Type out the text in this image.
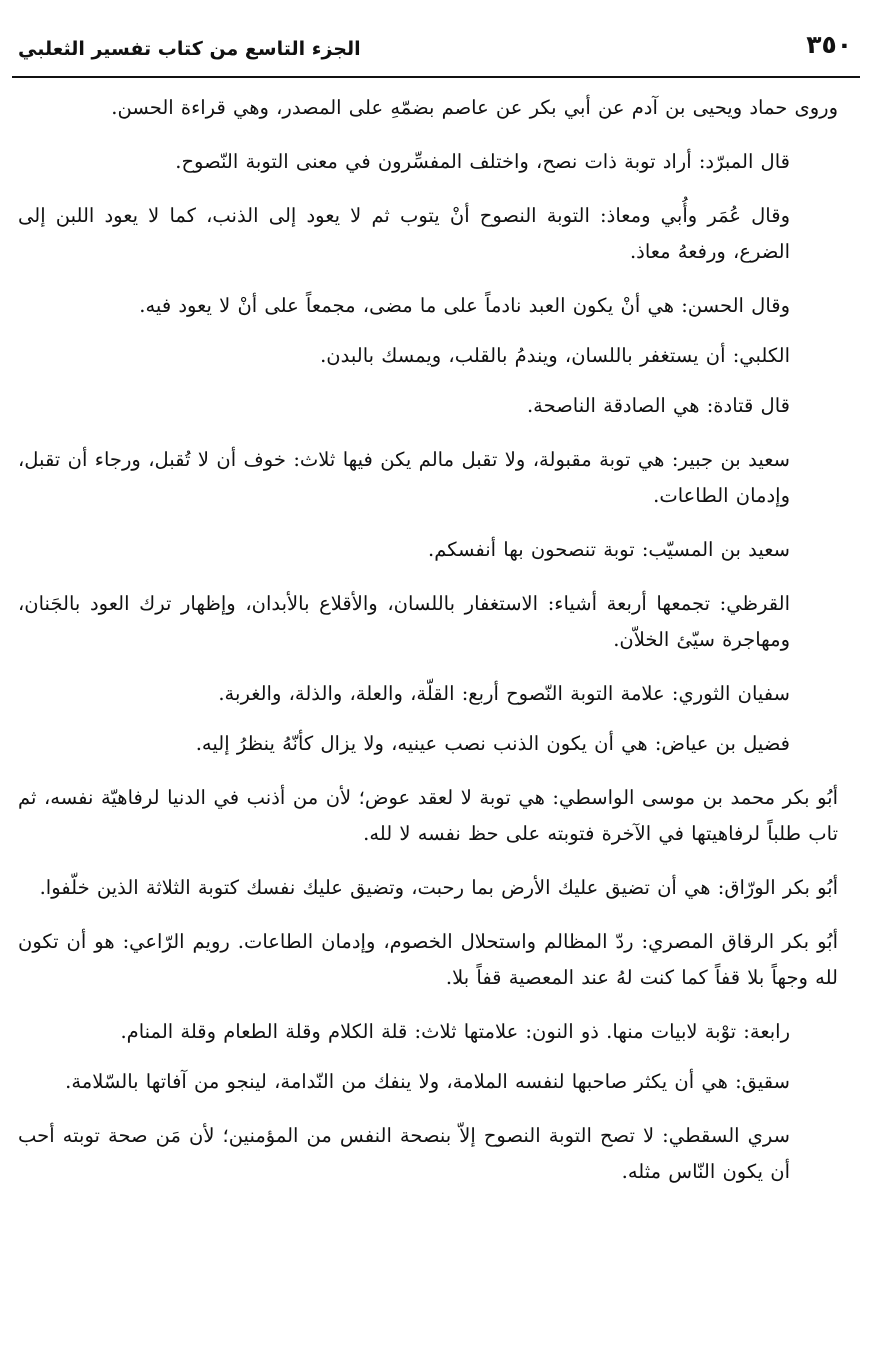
٣٥٠
الجزء التاسع من كتاب تفسير الثعلبي

وروى حماد ويحيى بن آدم عن أبي بكر عن عاصم بضمّهِ على المصدر، وهي قراءة الحسن.

قال المبرّد: أراد توبة ذات نصح، واختلف المفسِّرون في معنى التوبة النّصوح.

وقال عُمَر وأُبي ومعاذ: التوبة النصوح أنْ يتوب ثم لا يعود إلى الذنب، كما لا يعود اللبن إلى الضرع، ورفعهُ معاذ.

وقال الحسن: هي أنْ يكون العبد نادماً على ما مضى، مجمعاً على أنْ لا يعود فيه.

الكلبي: أن يستغفر باللسان، ويندمُ بالقلب، ويمسك بالبدن.

قال قتادة: هي الصادقة الناصحة.

سعيد بن جبير: هي توبة مقبولة، ولا تقبل مالم يكن فيها ثلاث: خوف أن لا تُقبل، ورجاء أن تقبل، وإدمان الطاعات.

سعيد بن المسيّب: توبة تنصحون بها أنفسكم.

القرظي: تجمعها أربعة أشياء: الاستغفار باللسان، والأقلاع بالأبدان، وإظهار ترك العود بالجَنان، ومهاجرة سيّئ الخلاّن.

سفيان الثوري: علامة التوبة النّصوح أربع: القلّة، والعلة، والذلة، والغربة.

فضيل بن عياض: هي أن يكون الذنب نصب عينيه، ولا يزال كأنّهُ ينظرُ إليه.

أبُو بكر محمد بن موسى الواسطي: هي توبة لا لعقد عوض؛ لأن من أذنب في الدنيا لرفاهيّة نفسه، ثم تاب طلباً لرفاهيتها في الآخرة فتوبته على حظ نفسه لا لله.

أبُو بكر الورّاق: هي أن تضيق عليك الأرض بما رحبت، وتضيق عليك نفسك كتوبة الثلاثة الذين خلّفوا.

أبُو بكر الرقاق المصري: ردّ المظالم واستحلال الخصوم، وإدمان الطاعات. رويم الرّاعي: هو أن تكون لله وجهاً بلا قفاً كما كنت لهُ عند المعصية قفاً بلا.

رابعة: توْبة لابيات منها. ذو النون: علامتها ثلاث: قلة الكلام وقلة الطعام وقلة المنام.

سقيق: هي أن يكثر صاحبها لنفسه الملامة، ولا ينفك من النّدامة، لينجو من آفاتها بالسّلامة.

سري السقطي: لا تصح التوبة النصوح إلاّ بنصحة النفس من المؤمنين؛ لأن مَن صحة توبته أحب أن يكون النّاس مثله.
